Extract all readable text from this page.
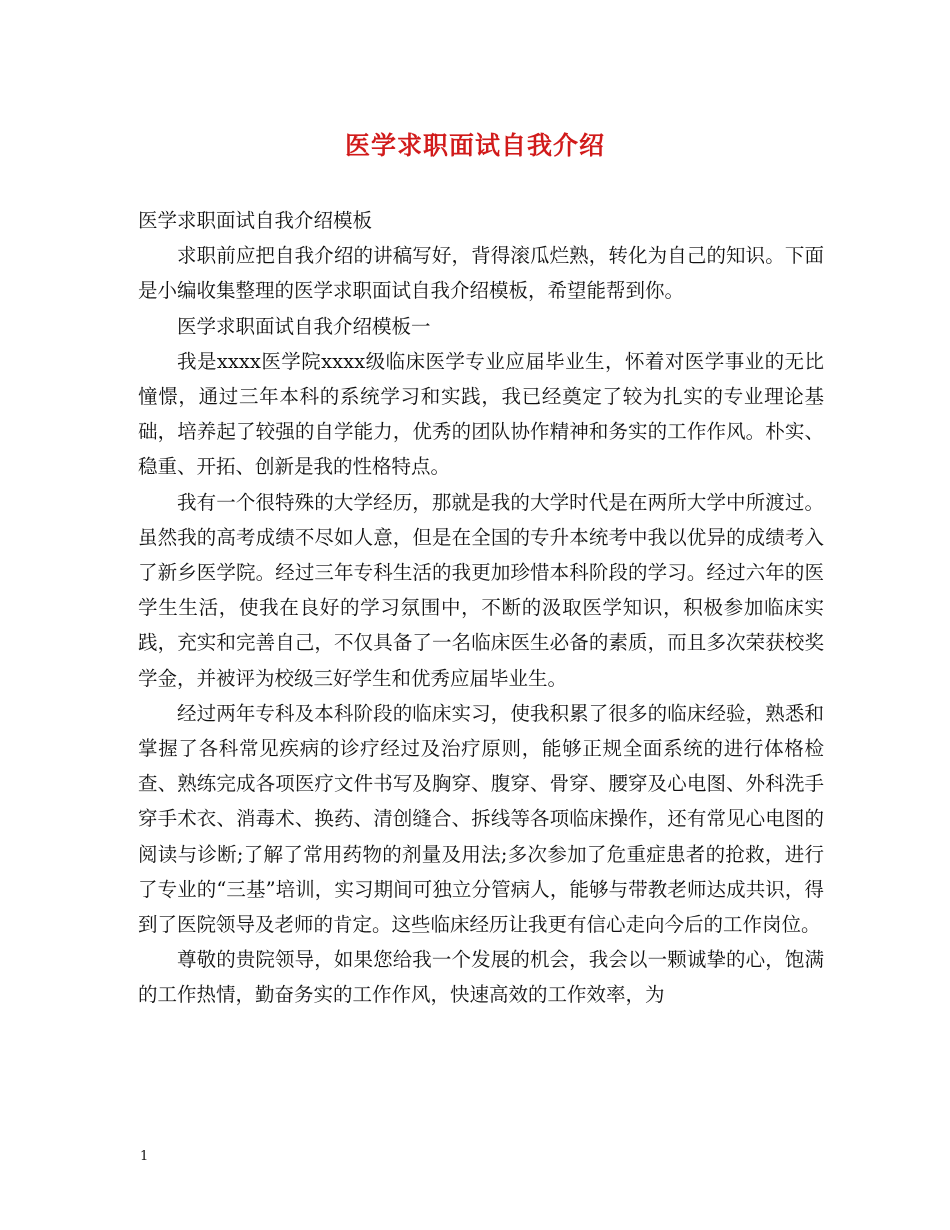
医学求职面试自我介绍

医学求职面试自我介绍模板

求职前应把自我介绍的讲稿写好，背得滚瓜烂熟，转化为自己的知识。下面是小编收集整理的医学求职面试自我介绍模板，希望能帮到你。

医学求职面试自我介绍模板一

我是xxxx医学院xxxx级临床医学专业应届毕业生，怀着对医学事业的无比憧憬，通过三年本科的系统学习和实践，我已经奠定了较为扎实的专业理论基础，培养起了较强的自学能力，优秀的团队协作精神和务实的工作作风。朴实、稳重、开拓、创新是我的性格特点。

我有一个很特殊的大学经历，那就是我的大学时代是在两所大学中所渡过。虽然我的高考成绩不尽如人意，但是在全国的专升本统考中我以优异的成绩考入了新乡医学院。经过三年专科生活的我更加珍惜本科阶段的学习。经过六年的医学生生活，使我在良好的学习氛围中，不断的汲取医学知识，积极参加临床实践，充实和完善自己，不仅具备了一名临床医生必备的素质，而且多次荣获校奖学金，并被评为校级三好学生和优秀应届毕业生。

经过两年专科及本科阶段的临床实习，使我积累了很多的临床经验，熟悉和掌握了各科常见疾病的诊疗经过及治疗原则，能够正规全面系统的进行体格检查、熟练完成各项医疗文件书写及胸穿、腹穿、骨穿、腰穿及心电图、外科洗手穿手术衣、消毒术、换药、清创缝合、拆线等各项临床操作，还有常见心电图的阅读与诊断;了解了常用药物的剂量及用法;多次参加了危重症患者的抢救，进行了专业的“三基”培训，实习期间可独立分管病人，能够与带教老师达成共识，得到了医院领导及老师的肯定。这些临床经历让我更有信心走向今后的工作岗位。

尊敬的贵院领导，如果您给我一个发展的机会，我会以一颗诚挚的心，饱满的工作热情，勤奋务实的工作作风，快速高效的工作效率，为

1
